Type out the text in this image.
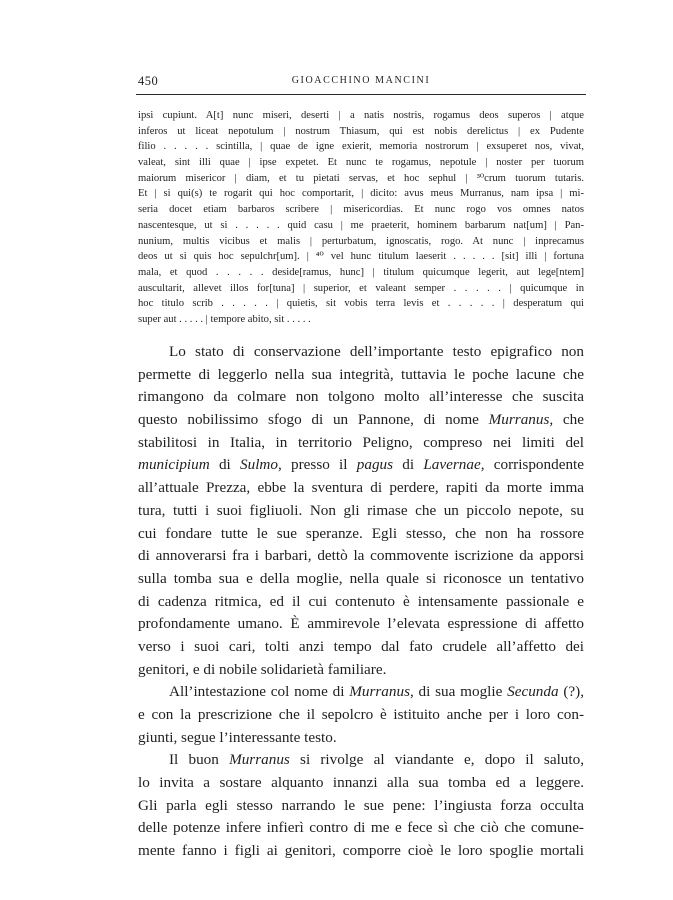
450	GIOACCHINO MANCINI
ipsi cupiunt. A[t] nunc miseri, deserti | a natis nostris, rogamus deos superos | atque
inferos ut liceat nepotulum | nostrum Thiasum, qui est nobis derelictus | ex Pudente
filio . . . . . scintilla, | quae de igne exierit, memoria nostrorum | exsuperet nos, vivat,
valeat, sint illi quae | ipse expetet. Et nunc te rogamus, nepotule | noster per tuorum
maiorum misericor | diam, et tu pietati servas, et hoc sephul | ³⁰crum tuorum tutaris.
Et | si qui(s) te rogarit qui hoc comportarit, | dicito: avus meus Murranus, nam ipsa | mi-
seria docet etiam barbaros scribere | misericordias. Et nunc rogo vos omnes natos
nascentesque, ut si . . . . . quid casu | me praeterit, hominem barbarum nat[um] | Pan-
nunium, multis vicibus et malis | perturbatum, ignoscatis, rogo. At nunc | inprecamus
deos ut si quis hoc sepulchr[um]. | ⁴⁰ vel hunc titulum laeserit . . . . . [sit] illi | fortuna
mala, et quod . . . . . deside[ramus, hunc] | titulum quicumque legerit, aut lege[ntem]
auscultarit, allevet illos for[tuna] | superior, et valeant semper . . . . . | quicumque in
hoc titulo scrib . . . . . | quietis, sit vobis terra levis et . . . . . | desperatum qui
super aut . . . . . | tempore abito, sit . . . . .
Lo stato di conservazione dell’importante testo epigrafico non
permette di leggerlo nella sua integrità, tuttavia le poche lacune che
rimangono da colmare non tolgono molto all’interesse che suscita
questo nobilissimo sfogo di un Pannone, di nome Murranus, che
stabilitosi in Italia, in territorio Peligno, compreso nei limiti del
municipium di Sulmo, presso il pagus di Lavernae, corrispondente
all’attuale Prezza, ebbe la sventura di perdere, rapiti da morte imma
tura, tutti i suoi figliuoli. Non gli rimase che un piccolo nepote, su
cui fondare tutte le sue speranze. Egli stesso, che non ha rossore
di annoverarsi fra i barbari, dettò la commovente iscrizione da apporsi
sulla tomba sua e della moglie, nella quale si riconosce un tentativo
di cadenza ritmica, ed il cui contenuto è intensamente passionale e
profondamente umano. È ammirevole l’elevata espressione di affetto
verso i suoi cari, tolti anzi tempo dal fato crudele all’affetto dei
genitori, e di nobile solidarietà familiare.
All’intestazione col nome di Murranus, di sua moglie Secunda (?),
e con la prescrizione che il sepolcro è istituito anche per i loro con-
giunti, segue l’interessante testo.
Il buon Murranus si rivolge al viandante e, dopo il saluto,
lo invita a sostare alquanto innanzi alla sua tomba ed a leggere.
Gli parla egli stesso narrando le sue pene: l’ingiusta forza occulta
delle potenze infere infierì contro di me e fece sì che ciò che comune-
mente fanno i figli ai genitori, comporre cioè le loro spoglie mortali
